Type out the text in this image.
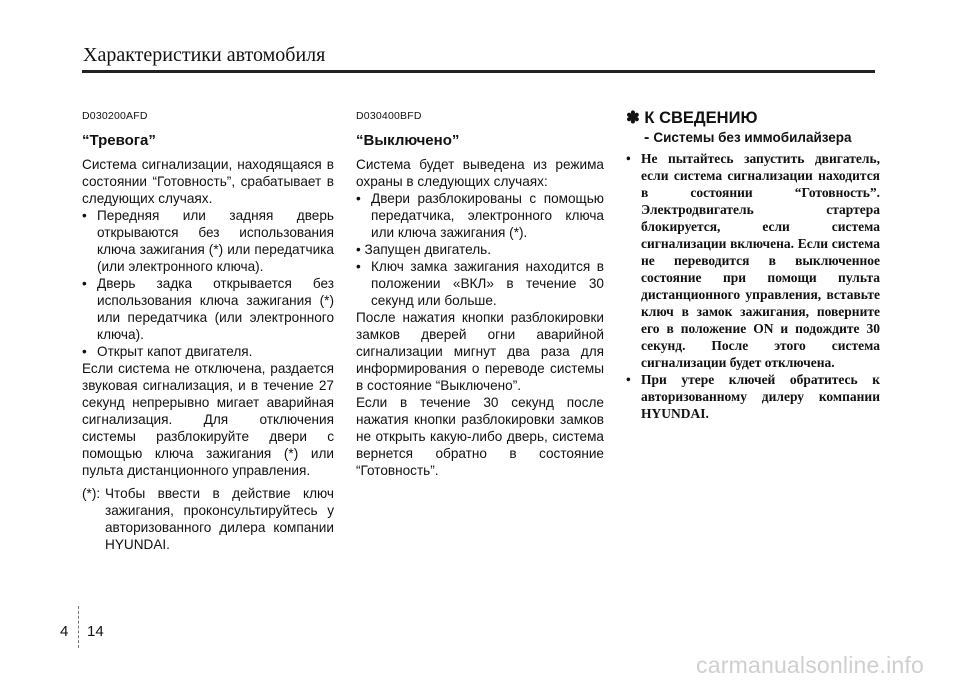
Характеристики автомобиля
D030200AFD
“Тревога”

Система сигнализации, находящаяся в состоянии “Готовность”, срабатывает в следующих случаях.

• Передняя или задняя дверь открываются без использования ключа зажигания (*) или передатчика (или электронного ключа).
• Дверь задка открывается без использования ключа зажигания (*) или передатчика (или электронного ключа).
• Открыт капот двигателя.

Если система не отключена, раздается звуковая сигнализация, и в течение 27 секунд непрерывно мигает аварийная сигнализация. Для отключения системы разблокируйте двери с помощью ключа зажигания (*) или пульта дистанционного управления.

(*): Чтобы ввести в действие ключ зажигания, проконсультируйтесь у авторизованного дилера компании HYUNDAI.
D030400BFD
“Выключено”

Система будет выведена из режима охраны в следующих случаях:

• Двери разблокированы с помощью передатчика, электронного ключа или ключа зажигания (*).
• Запущен двигатель.
• Ключ замка зажигания находится в положении «ВКЛ» в течение 30 секунд или больше.

После нажатия кнопки разблокировки замков дверей огни аварийной сигнализации мигнут два раза для информирования о переводе системы в состояние “Выключено”.

Если в течение 30 секунд после нажатия кнопки разблокировки замков не открыть какую-либо дверь, система вернется обратно в состояние “Готовность”.

✽ К СВЕДЕНИЮ
- Системы без иммобилайзера
• Не пытайтесь запустить двигатель, если система сигнализации находится в состоянии “Готовность”. Электродвигатель стартера блокируется, если система сигнализации включена. Если система не переводится в выключенное состояние при помощи пульта дистанционного управления, вставьте ключ в замок зажигания, поверните его в положение ON и подождите 30 секунд. После этого система сигнализации будет отключена.
• При утере ключей обратитесь к авторизованному дилеру компании HYUNDAI.
4 14
carmanualsonline.info
